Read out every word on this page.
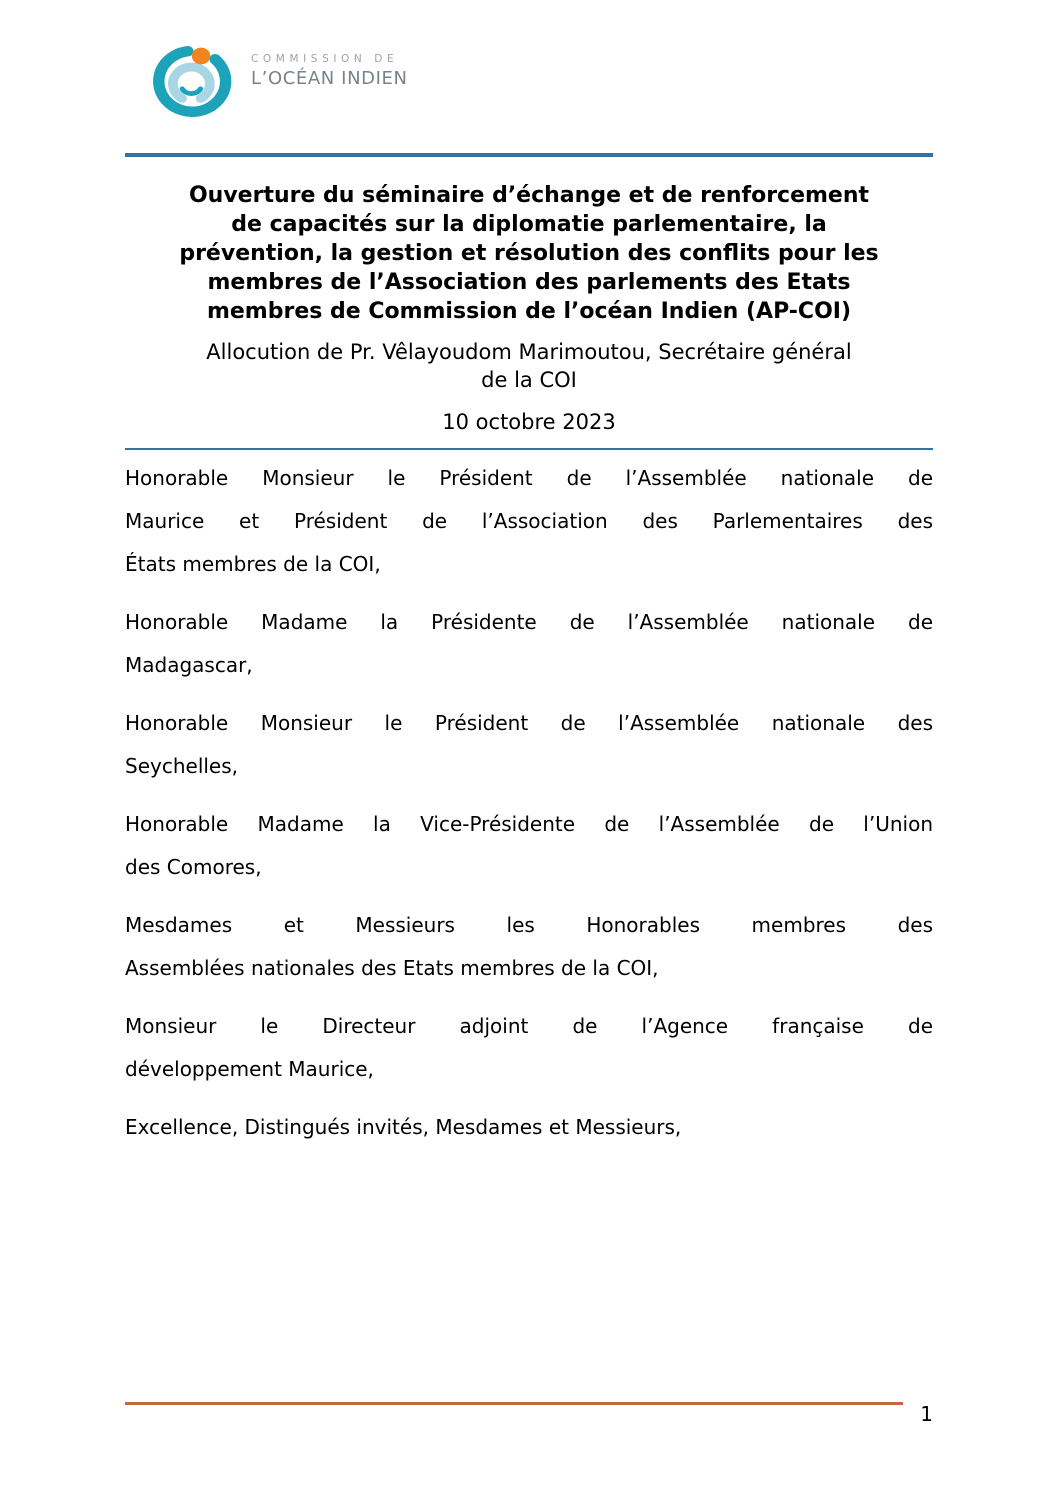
COMMISSION DE
L’OCÉAN INDIEN
Ouverture du séminaire d’échange et de renforcement
de capacités sur la diplomatie parlementaire, la
prévention, la gestion et résolution des conflits pour les
membres de l’Association des parlements des Etats
membres de Commission de l’océan Indien (AP-COI)
Allocution de Pr. Vêlayoudom Marimoutou, Secrétaire général
de la COI
10 octobre 2023
Honorable Monsieur le Président de l’Assemblée nationale de
Maurice et Président de l’Association des Parlementaires des
États membres de la COI,
Honorable Madame la Présidente de l’Assemblée nationale de
Madagascar,
Honorable Monsieur le Président de l’Assemblée nationale des
Seychelles,
Honorable Madame la Vice-Présidente de l’Assemblée de l’Union
des Comores,
Mesdames et Messieurs les Honorables membres des
Assemblées nationales des Etats membres de la COI,
Monsieur le Directeur adjoint de l’Agence française de
développement Maurice,
Excellence, Distingués invités, Mesdames et Messieurs,
1
